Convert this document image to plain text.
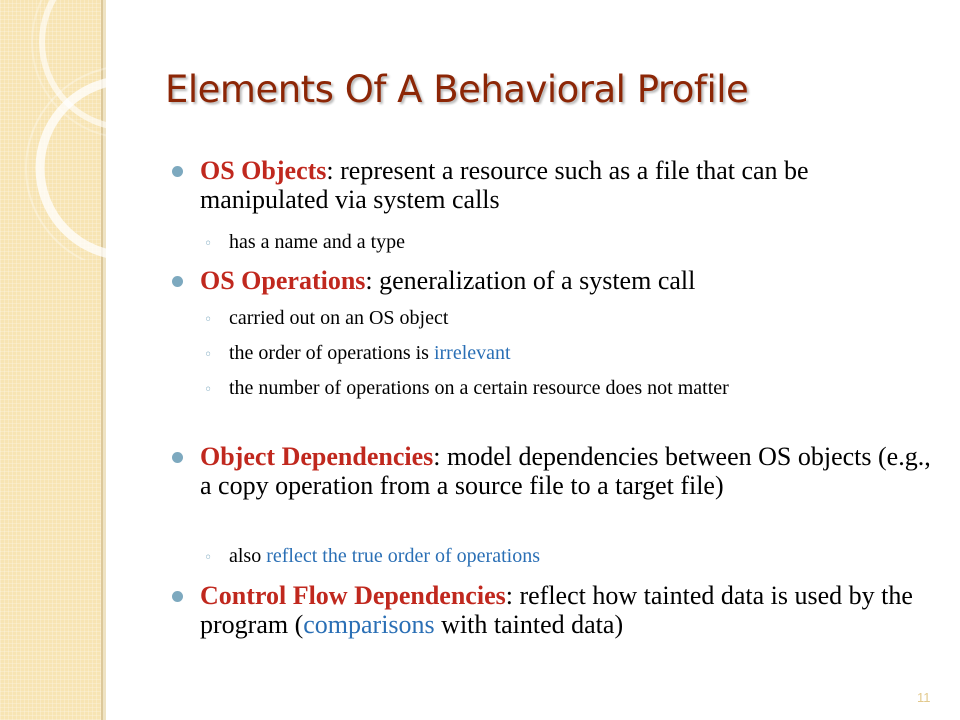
Elements Of A Behavioral Profile
OS Objects: represent a resource such as a file that can be manipulated via system calls
◦ has a name and a type
OS Operations: generalization of a system call
◦ carried out on an OS object
◦ the order of operations is irrelevant
◦ the number of operations on a certain resource does not matter
Object Dependencies: model dependencies between OS objects (e.g., a copy operation from a source file to a target file)
◦ also reflect the true order of operations
Control Flow Dependencies: reflect how tainted data is used by the program (comparisons with tainted data)
11
